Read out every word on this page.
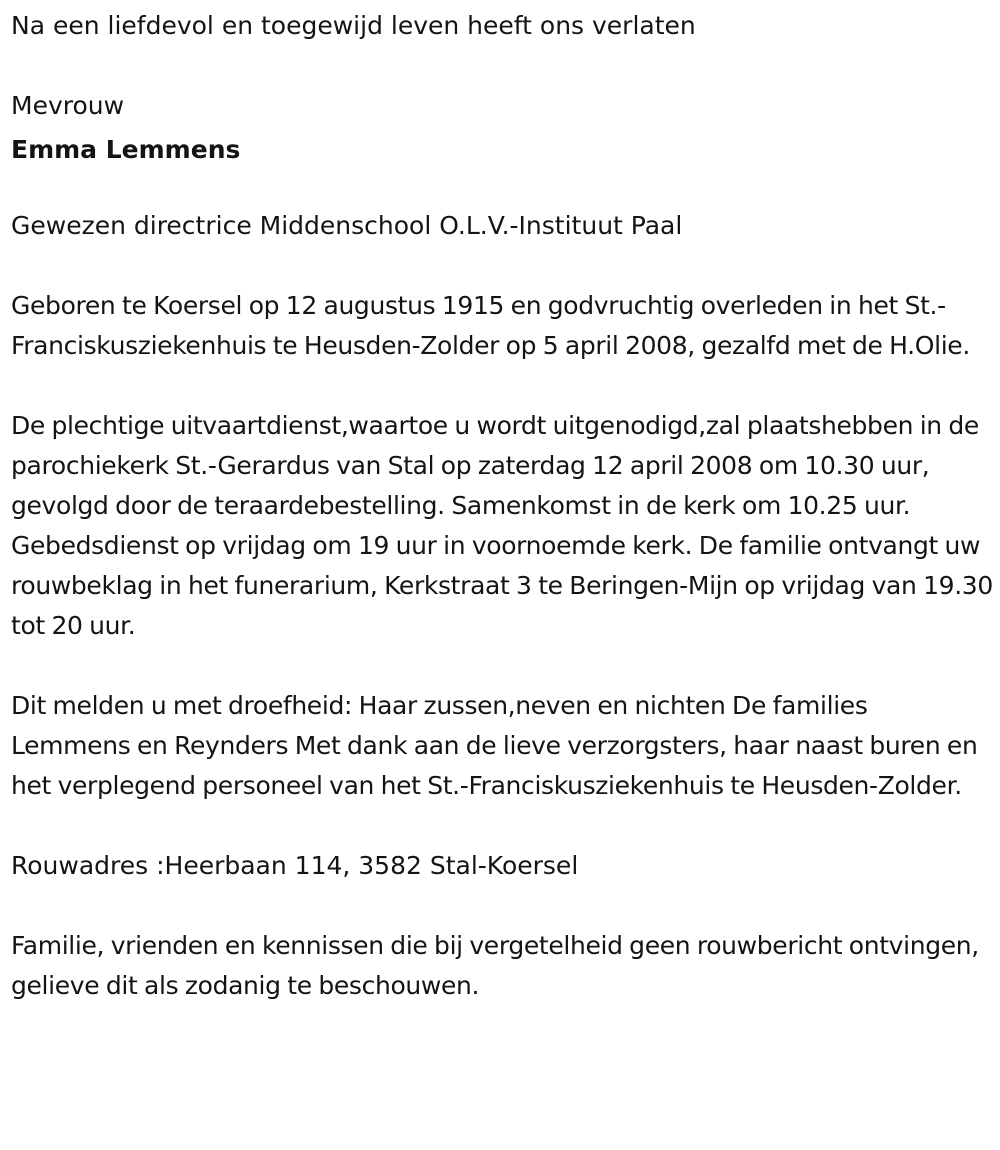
Na een liefdevol en toegewijd leven heeft ons verlaten

Mevrouw

Emma Lemmens

Gewezen directrice Middenschool O.L.V.-Instituut Paal

Geboren te Koersel op 12 augustus 1915 en godvruchtig overleden in het St.-Franciskusziekenhuis te Heusden-Zolder op 5 april 2008, gezalfd met de H.Olie.

De plechtige uitvaartdienst,waartoe u wordt uitgenodigd,zal plaatshebben in de parochiekerk St.-Gerardus van Stal op zaterdag 12 april 2008 om 10.30 uur, gevolgd door de teraardebestelling. Samenkomst in de kerk om 10.25 uur. Gebedsdienst op vrijdag om 19 uur in voornoemde kerk. De familie ontvangt uw rouwbeklag in het funerarium, Kerkstraat 3 te Beringen-Mijn op vrijdag van 19.30 tot 20 uur.

Dit melden u met droefheid: Haar zussen,neven en nichten De families Lemmens en Reynders Met dank aan de lieve verzorgsters, haar naast buren en het verplegend personeel van het St.-Franciskusziekenhuis te Heusden-Zolder.

Rouwadres :Heerbaan 114, 3582 Stal-Koersel

Familie, vrienden en kennissen die bij vergetelheid geen rouwbericht ontvingen, gelieve dit als zodanig te beschouwen.
